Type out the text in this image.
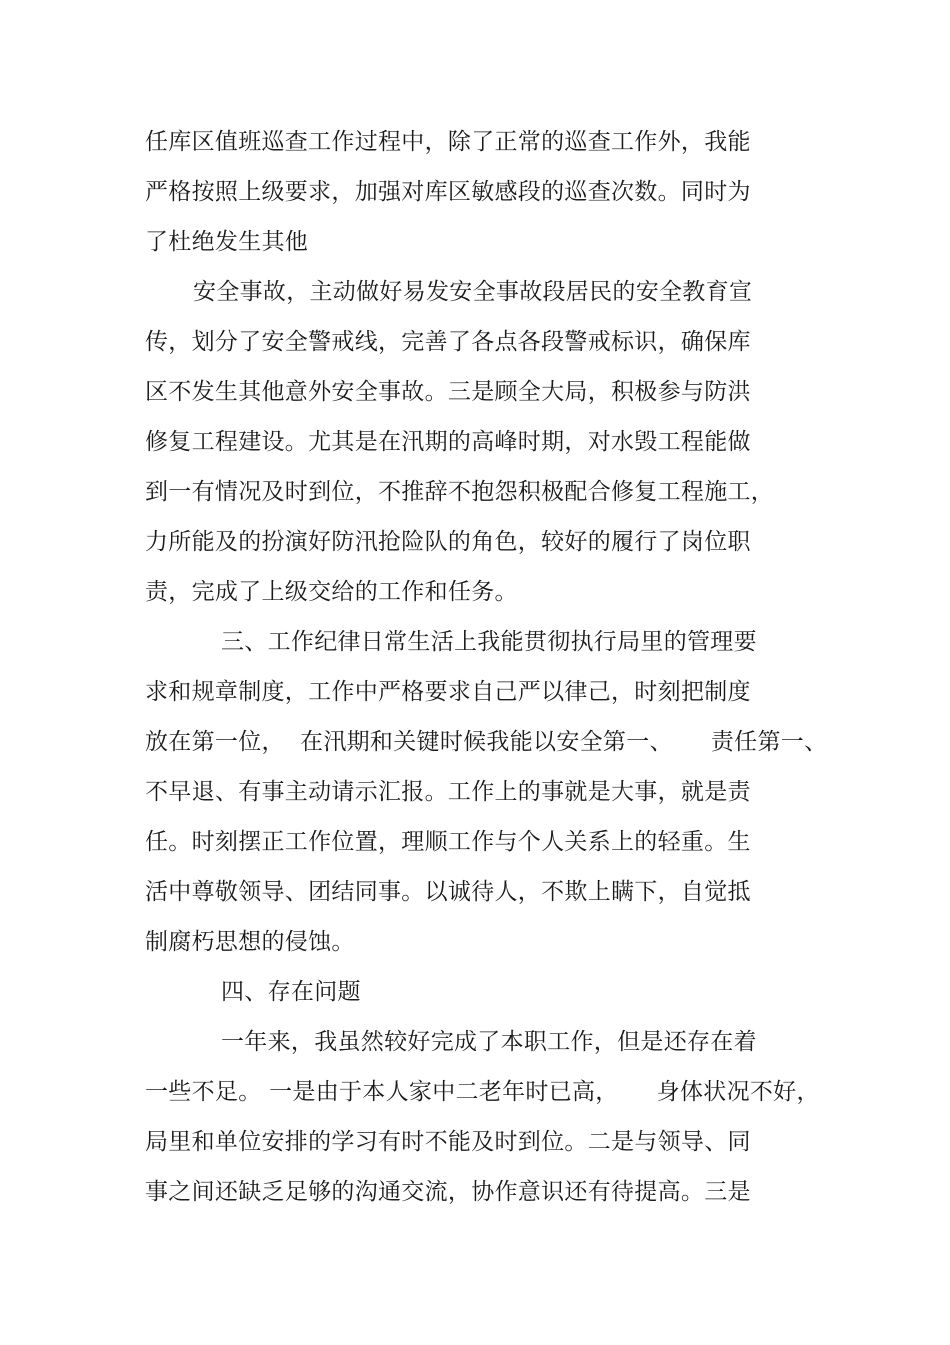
任库区值班巡查工作过程中，除了正常的巡查工作外，我能
严格按照上级要求，加强对库区敏感段的巡查次数。同时为
了杜绝发生其他
安全事故，主动做好易发安全事故段居民的安全教育宣
传，划分了安全警戒线，完善了各点各段警戒标识，确保库
区不发生其他意外安全事故。三是顾全大局，积极参与防洪
修复工程建设。尤其是在汛期的高峰时期，对水毁工程能做
到一有情况及时到位，不推辞不抱怨积极配合修复工程施工，
力所能及的扮演好防汛抢险队的角色，较好的履行了岗位职
责，完成了上级交给的工作和任务。
三、工作纪律日常生活上我能贯彻执行局里的管理要
求和规章制度，工作中严格要求自己严以律己，时刻把制度
放在第一位，  在汛期和关键时候我能以安全第一、     责任第一、
不早退、有事主动请示汇报。工作上的事就是大事，就是责
任。时刻摆正工作位置，理顺工作与个人关系上的轻重。生
活中尊敬领导、团结同事。以诚待人，不欺上瞒下，自觉抵
制腐朽思想的侵蚀。
四、存在问题
一年来，我虽然较好完成了本职工作，但是还存在着
一些不足。 一是由于本人家中二老年时已高，     身体状况不好，
局里和单位安排的学习有时不能及时到位。二是与领导、同
事之间还缺乏足够的沟通交流，协作意识还有待提高。三是
